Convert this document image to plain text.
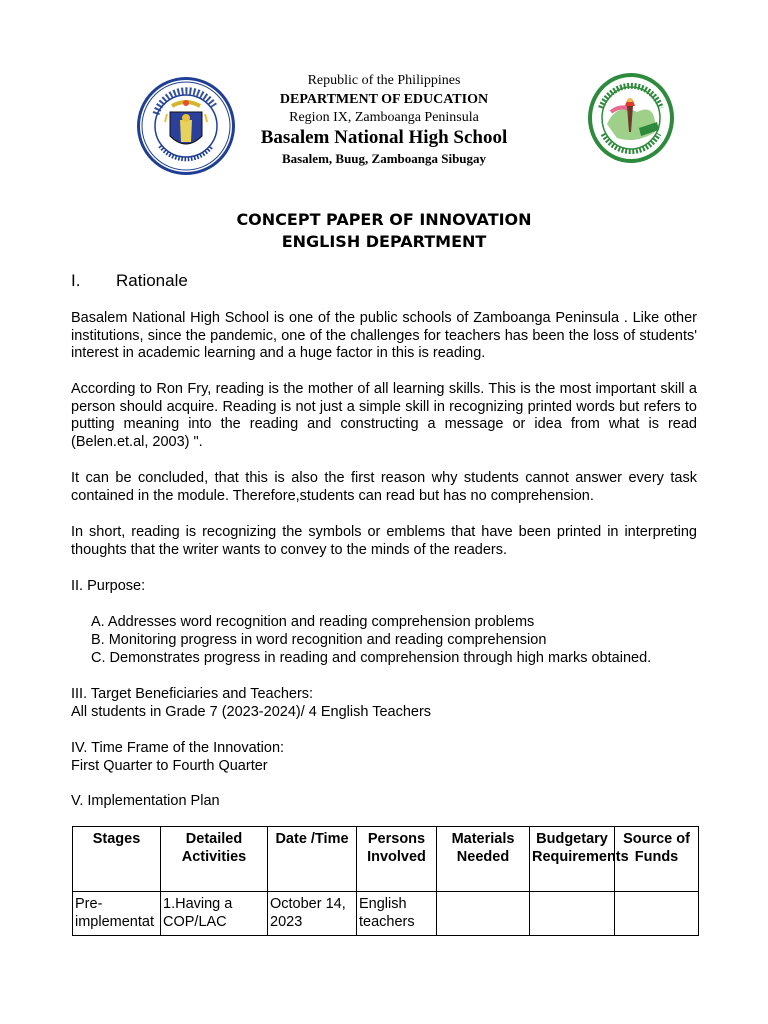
Republic of the Philippines
DEPARTMENT OF EDUCATION
Region IX, Zamboanga Peninsula
Basalem National High School
Basalem, Buug, Zamboanga Sibugay
CONCEPT PAPER OF INNOVATION
ENGLISH DEPARTMENT
I. Rationale
Basalem National High School is one of the public schools of Zamboanga Peninsula . Like other institutions, since the pandemic, one of the challenges for teachers has been the loss of students' interest in academic learning and a huge factor in this is reading.
According to Ron Fry, reading is the mother of all learning skills. This is the most important skill a person should acquire. Reading is not just a simple skill in recognizing printed words but refers to putting meaning into the reading and constructing a message or idea from what is read (Belen.et.al, 2003) ".
It can be concluded, that this is also the first reason why students cannot answer every task contained in the module. Therefore,students can read but has no comprehension.
In short, reading is recognizing the symbols or emblems that have been printed in interpreting thoughts that the writer wants to convey to the minds of the readers.
II. Purpose:
A. Addresses word recognition and reading comprehension problems
B. Monitoring progress in word recognition and reading comprehension
C. Demonstrates progress in reading and comprehension through high marks obtained.
III. Target Beneficiaries and Teachers:
All students in Grade 7 (2023-2024)/ 4 English Teachers
IV. Time Frame of the Innovation:
First Quarter to Fourth Quarter
V. Implementation Plan
Stages	Detailed Activities	Date /Time	Persons Involved	Materials Needed	Budgetary Requirements	Source of Funds
Pre-implementat	1.Having a COP/LAC	October 14, 2023	English teachers			
